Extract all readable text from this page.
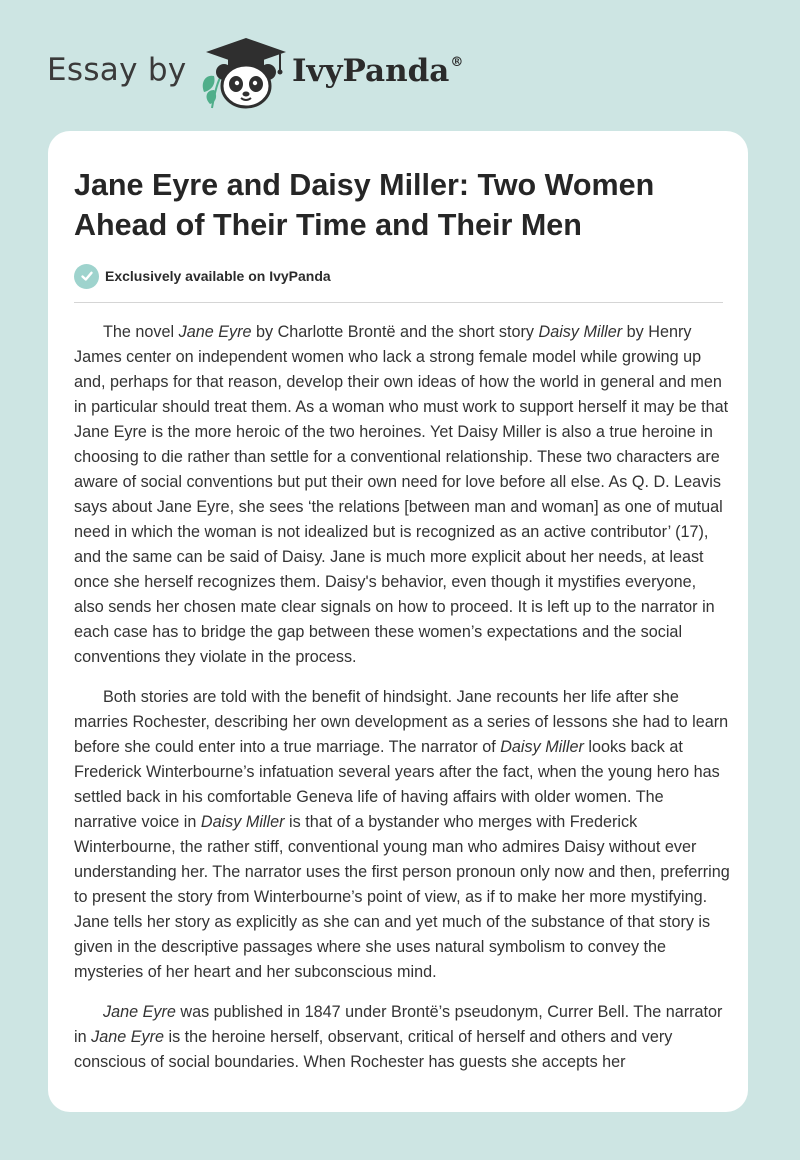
Essay by	IvyPanda®
Jane Eyre and Daisy Miller: Two Women Ahead of Their Time and Their Men
Exclusively available on IvyPanda

The novel Jane Eyre by Charlotte Brontë and the short story Daisy Miller by Henry James center on independent women who lack a strong female model while growing up and, perhaps for that reason, develop their own ideas of how the world in general and men in particular should treat them. As a woman who must work to support herself it may be that Jane Eyre is the more heroic of the two heroines. Yet Daisy Miller is also a true heroine in choosing to die rather than settle for a conventional relationship. These two characters are aware of social conventions but put their own need for love before all else. As Q. D. Leavis says about Jane Eyre, she sees ‘the relations [between man and woman] as one of mutual need in which the woman is not idealized but is recognized as an active contributor’ (17), and the same can be said of Daisy. Jane is much more explicit about her needs, at least once she herself recognizes them. Daisy's behavior, even though it mystifies everyone, also sends her chosen mate clear signals on how to proceed. It is left up to the narrator in each case has to bridge the gap between these women’s expectations and the social conventions they violate in the process.

Both stories are told with the benefit of hindsight. Jane recounts her life after she marries Rochester, describing her own development as a series of lessons she had to learn before she could enter into a true marriage. The narrator of Daisy Miller looks back at Frederick Winterbourne’s infatuation several years after the fact, when the young hero has settled back in his comfortable Geneva life of having affairs with older women. The narrative voice in Daisy Miller is that of a bystander who merges with Frederick Winterbourne, the rather stiff, conventional young man who admires Daisy without ever understanding her. The narrator uses the first person pronoun only now and then, preferring to present the story from Winterbourne’s point of view, as if to make her more mystifying. Jane tells her story as explicitly as she can and yet much of the substance of that story is given in the descriptive passages where she uses natural symbolism to convey the mysteries of her heart and her subconscious mind.

Jane Eyre was published in 1847 under Brontë’s pseudonym, Currer Bell. The narrator in Jane Eyre is the heroine herself, observant, critical of herself and others and very conscious of social boundaries. When Rochester has guests she accepts her
